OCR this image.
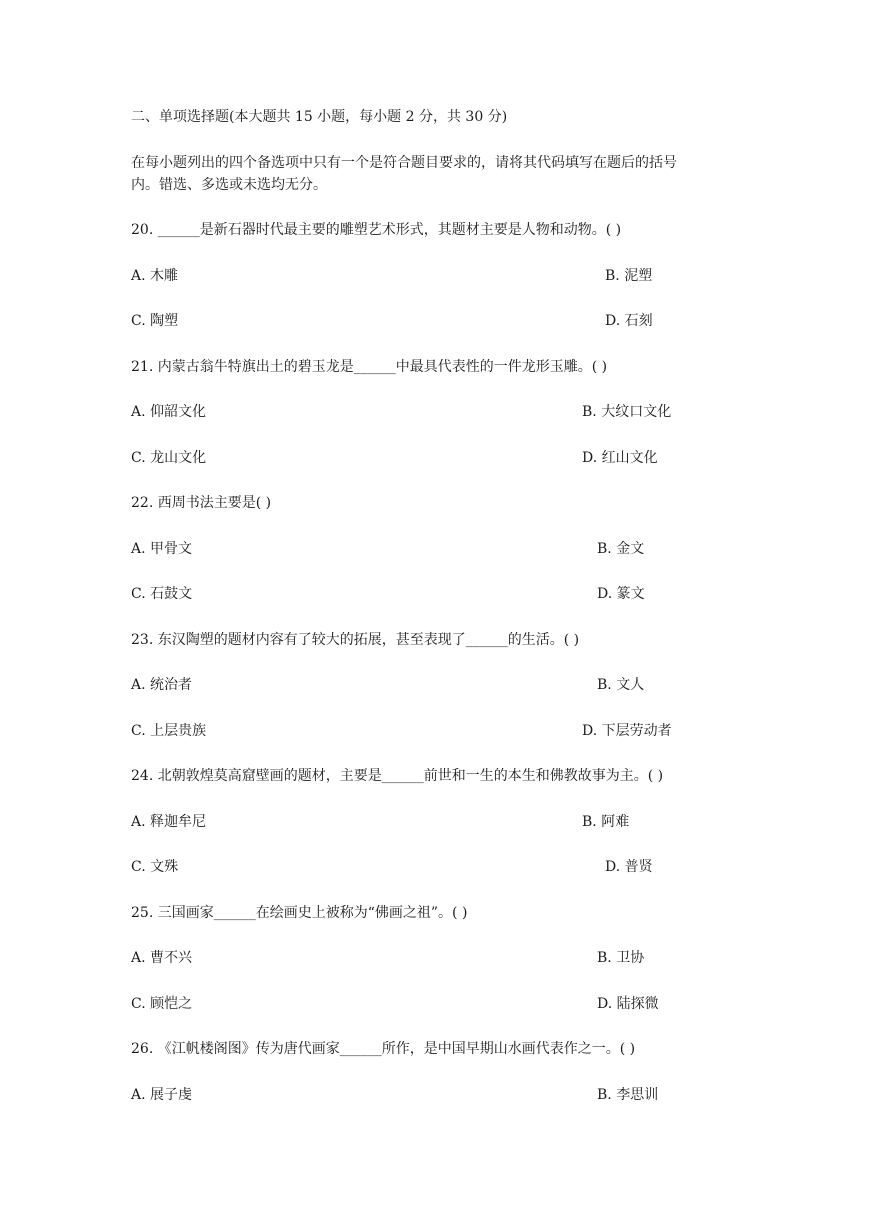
二、单项选择题(本大题共 15 小题，每小题 2 分，共 30 分)
在每小题列出的四个备选项中只有一个是符合题目要求的，请将其代码填写在题后的括号
内。错选、多选或未选均无分。
20. ______是新石器时代最主要的雕塑艺术形式，其题材主要是人物和动物。( )
A. 木雕	B. 泥塑
C. 陶塑	D. 石刻
21. 内蒙古翁牛特旗出土的碧玉龙是______中最具代表性的一件龙形玉雕。( )
A. 仰韶文化	B. 大纹口文化
C. 龙山文化	D. 红山文化
22. 西周书法主要是( )
A. 甲骨文	B. 金文
C. 石鼓文	D. 篆文
23. 东汉陶塑的题材内容有了较大的拓展，甚至表现了______的生活。( )
A. 统治者	B. 文人
C. 上层贵族	D. 下层劳动者
24. 北朝敦煌莫高窟壁画的题材，主要是______前世和一生的本生和佛教故事为主。( )
A. 释迦牟尼	B. 阿难
C. 文殊	D. 普贤
25. 三国画家______在绘画史上被称为“佛画之祖”。( )
A. 曹不兴	B. 卫协
C. 顾恺之	D. 陆探微
26. 《江帆楼阁图》传为唐代画家______所作，是中国早期山水画代表作之一。( )
A. 展子虔	B. 李思训
